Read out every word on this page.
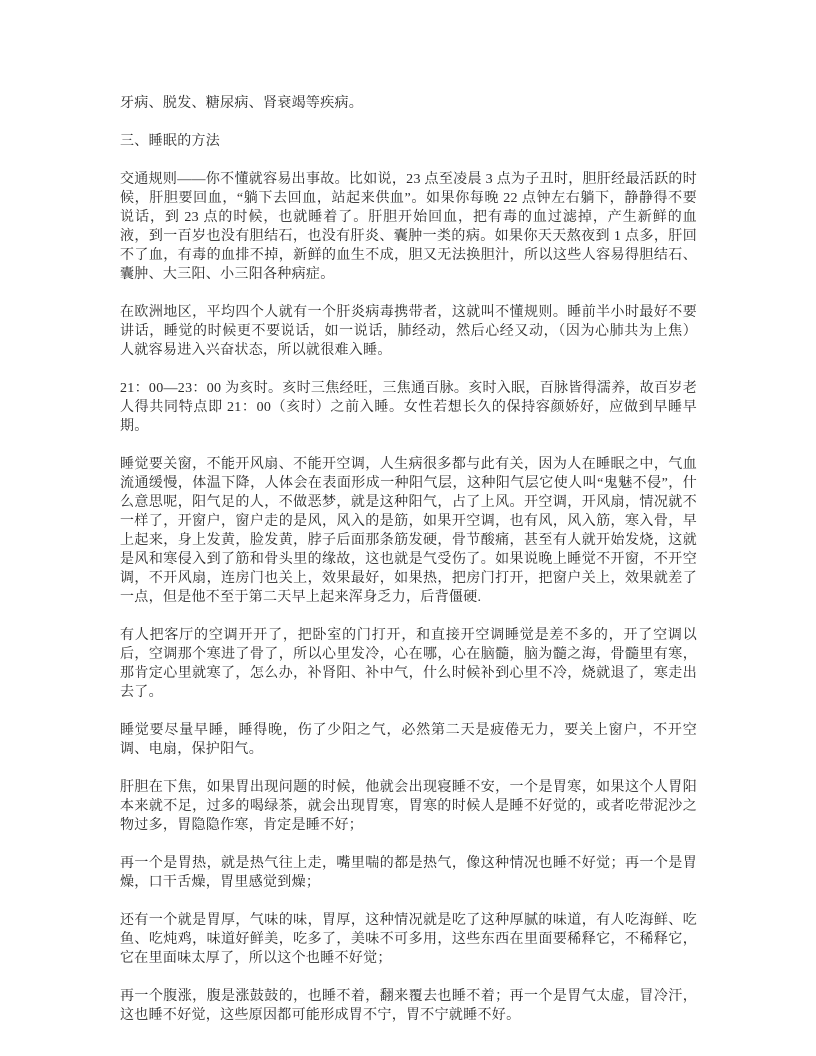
牙病、脱发、糖尿病、肾衰竭等疾病。

三、睡眠的方法

交通规则——你不懂就容易出事故。比如说，23 点至凌晨 3 点为子丑时，胆肝经最活跃的时候，肝胆要回血，“躺下去回血，站起来供血”。如果你每晚 22 点钟左右躺下，静静得不要说话，到 23 点的时候，也就睡着了。肝胆开始回血，把有毒的血过滤掉，产生新鲜的血液，到一百岁也没有胆结石，也没有肝炎、囊肿一类的病。如果你天天熬夜到 1 点多，肝回不了血，有毒的血排不掉，新鲜的血生不成，胆又无法换胆汁，所以这些人容易得胆结石、囊肿、大三阳、小三阳各种病症。

在欧洲地区，平均四个人就有一个肝炎病毒携带者，这就叫不懂规则。睡前半小时最好不要讲话，睡觉的时候更不要说话，如一说话，肺经动，然后心经又动，（因为心肺共为上焦）人就容易进入兴奋状态，所以就很难入睡。

21：00—23：00 为亥时。亥时三焦经旺，三焦通百脉。亥时入眠，百脉皆得濡养，故百岁老人得共同特点即 21：00（亥时）之前入睡。女性若想长久的保持容颜娇好，应做到早睡早期。

睡觉要关窗，不能开风扇、不能开空调，人生病很多都与此有关，因为人在睡眠之中，气血流通缓慢，体温下降，人体会在表面形成一种阳气层，这种阳气层它使人叫“鬼魅不侵”，什么意思呢，阳气足的人，不做恶梦，就是这种阳气，占了上风。开空调，开风扇，情况就不一样了，开窗户，窗户走的是风，风入的是筋，如果开空调，也有风，风入筋，寒入骨，早上起来，身上发黄，脸发黄，脖子后面那条筋发硬，骨节酸痛，甚至有人就开始发烧，这就是风和寒侵入到了筋和骨头里的缘故，这也就是气受伤了。如果说晚上睡觉不开窗，不开空调，不开风扇，连房门也关上，效果最好，如果热，把房门打开，把窗户关上，效果就差了一点，但是他不至于第二天早上起来浑身乏力，后背僵硬.

有人把客厅的空调开开了，把卧室的门打开，和直接开空调睡觉是差不多的，开了空调以后，空调那个寒进了骨了，所以心里发冷，心在哪，心在脑髓，脑为髓之海，骨髓里有寒，那肯定心里就寒了，怎么办，补肾阳、补中气，什么时候补到心里不冷，烧就退了，寒走出去了。

睡觉要尽量早睡，睡得晚，伤了少阳之气，必然第二天是疲倦无力，要关上窗户，不开空调、电扇，保护阳气。

肝胆在下焦，如果胃出现问题的时候，他就会出现寝睡不安，一个是胃寒，如果这个人胃阳本来就不足，过多的喝绿茶，就会出现胃寒，胃寒的时候人是睡不好觉的，或者吃带泥沙之物过多，胃隐隐作寒，肯定是睡不好；

再一个是胃热，就是热气往上走，嘴里喘的都是热气，像这种情况也睡不好觉；再一个是胃燥，口干舌燥，胃里感觉到燥；

还有一个就是胃厚，气味的味，胃厚，这种情况就是吃了这种厚腻的味道，有人吃海鲜、吃鱼、吃炖鸡，味道好鲜美，吃多了，美味不可多用，这些东西在里面要稀释它，不稀释它，它在里面味太厚了，所以这个也睡不好觉；

再一个腹涨，腹是涨鼓鼓的，也睡不着，翻来覆去也睡不着；再一个是胃气太虚，冒冷汗，这也睡不好觉，这些原因都可能形成胃不宁，胃不宁就睡不好。
